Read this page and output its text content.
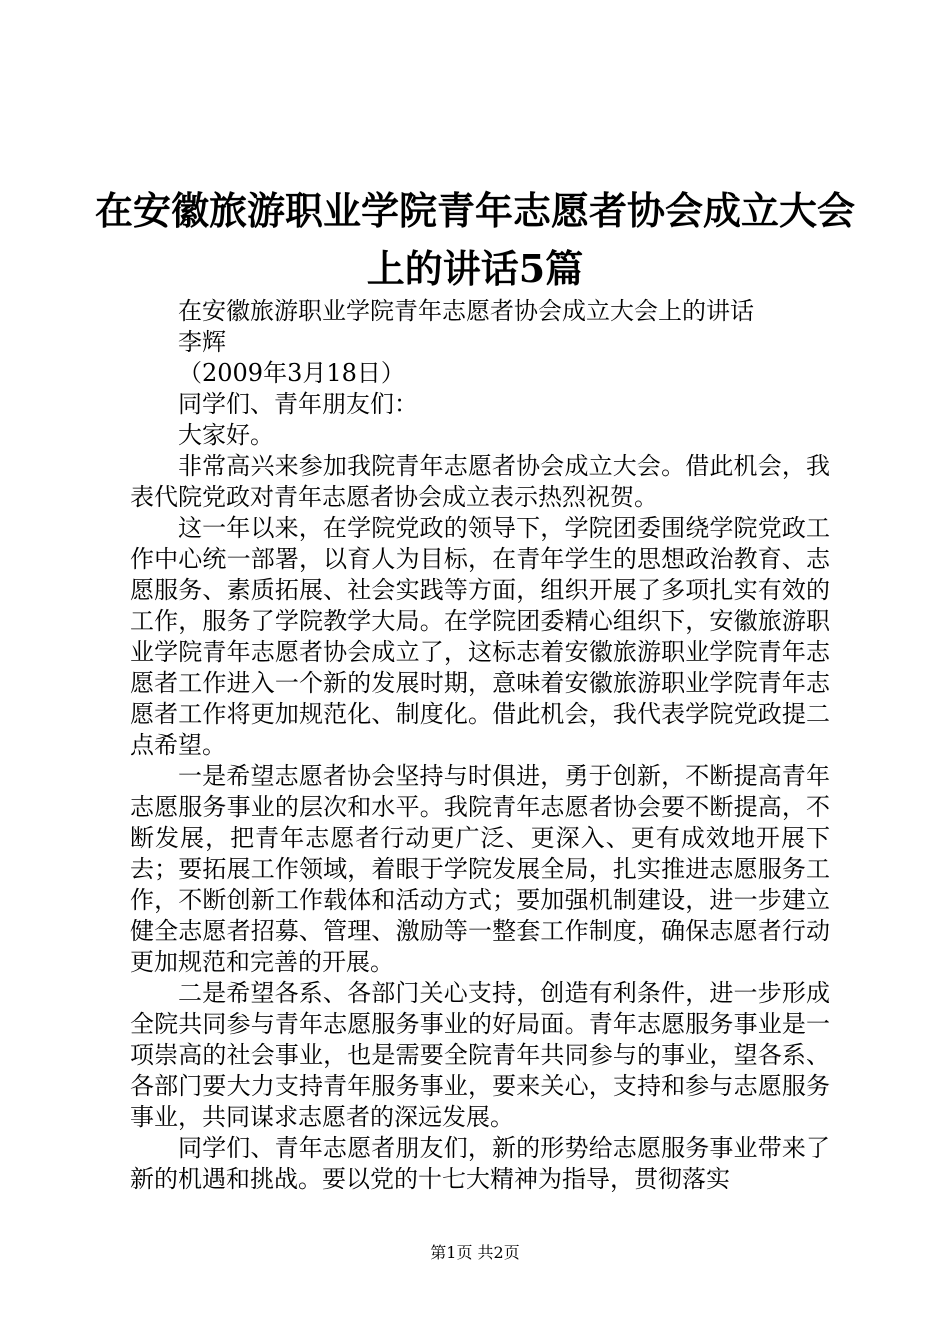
在安徽旅游职业学院青年志愿者协会成立大会
上的讲话5篇

在安徽旅游职业学院青年志愿者协会成立大会上的讲话

李辉

（2009年3月18日）

同学们、青年朋友们：

大家好。

非常高兴来参加我院青年志愿者协会成立大会。借此机会，我表代院党政对青年志愿者协会成立表示热烈祝贺。

这一年以来，在学院党政的领导下，学院团委围绕学院党政工作中心统一部署，以育人为目标，在青年学生的思想政治教育、志愿服务、素质拓展、社会实践等方面，组织开展了多项扎实有效的工作，服务了学院教学大局。在学院团委精心组织下，安徽旅游职业学院青年志愿者协会成立了，这标志着安徽旅游职业学院青年志愿者工作进入一个新的发展时期，意味着安徽旅游职业学院青年志愿者工作将更加规范化、制度化。借此机会，我代表学院党政提二点希望。

一是希望志愿者协会坚持与时俱进，勇于创新，不断提高青年志愿服务事业的层次和水平。我院青年志愿者协会要不断提高，不断发展，把青年志愿者行动更广泛、更深入、更有成效地开展下去；要拓展工作领域，着眼于学院发展全局，扎实推进志愿服务工作，不断创新工作载体和活动方式；要加强机制建设，进一步建立健全志愿者招募、管理、激励等一整套工作制度，确保志愿者行动更加规范和完善的开展。

二是希望各系、各部门关心支持，创造有利条件，进一步形成全院共同参与青年志愿服务事业的好局面。青年志愿服务事业是一项崇高的社会事业，也是需要全院青年共同参与的事业，望各系、各部门要大力支持青年服务事业，要来关心，支持和参与志愿服务事业，共同谋求志愿者的深远发展。

同学们、青年志愿者朋友们，新的形势给志愿服务事业带来了新的机遇和挑战。要以党的十七大精神为指导，贯彻落实

第1页 共2页
